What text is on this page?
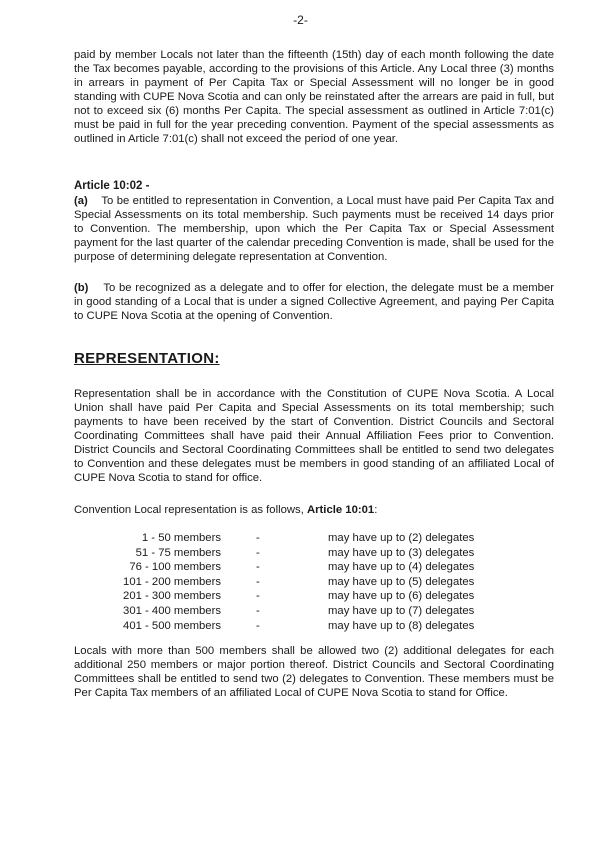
-2-

paid by member Locals not later than the fifteenth (15th) day of each month following the date the Tax becomes payable, according to the provisions of this Article. Any Local three (3) months in arrears in payment of Per Capita Tax or Special Assessment will no longer be in good standing with CUPE Nova Scotia and can only be reinstated after the arrears are paid in full, but not to exceed six (6) months Per Capita. The special assessment as outlined in Article 7:01(c) must be paid in full for the year preceding convention. Payment of the special assessments as outlined in Article 7:01(c) shall not exceed the period of one year.

Article 10:02 -

(a) To be entitled to representation in Convention, a Local must have paid Per Capita Tax and Special Assessments on its total membership. Such payments must be received 14 days prior to Convention. The membership, upon which the Per Capita Tax or Special Assessment payment for the last quarter of the calendar preceding Convention is made, shall be used for the purpose of determining delegate representation at Convention.

(b) To be recognized as a delegate and to offer for election, the delegate must be a member in good standing of a Local that is under a signed Collective Agreement, and paying Per Capita to CUPE Nova Scotia at the opening of Convention.

REPRESENTATION:

Representation shall be in accordance with the Constitution of CUPE Nova Scotia. A Local Union shall have paid Per Capita and Special Assessments on its total membership; such payments to have been received by the start of Convention. District Councils and Sectoral Coordinating Committees shall have paid their Annual Affiliation Fees prior to Convention. District Councils and Sectoral Coordinating Committees shall be entitled to send two delegates to Convention and these delegates must be members in good standing of an affiliated Local of CUPE Nova Scotia to stand for office.

Convention Local representation is as follows, Article 10:01:

1 - 50 members	-	may have up to (2) delegates
51 - 75 members	-	may have up to (3) delegates
76 - 100 members	-	may have up to (4) delegates
101 - 200 members	-	may have up to (5) delegates
201 - 300 members	-	may have up to (6) delegates
301 - 400 members	-	may have up to (7) delegates
401 - 500 members	-	may have up to (8) delegates

Locals with more than 500 members shall be allowed two (2) additional delegates for each additional 250 members or major portion thereof. District Councils and Sectoral Coordinating Committees shall be entitled to send two (2) delegates to Convention. These members must be Per Capita Tax members of an affiliated Local of CUPE Nova Scotia to stand for Office.
